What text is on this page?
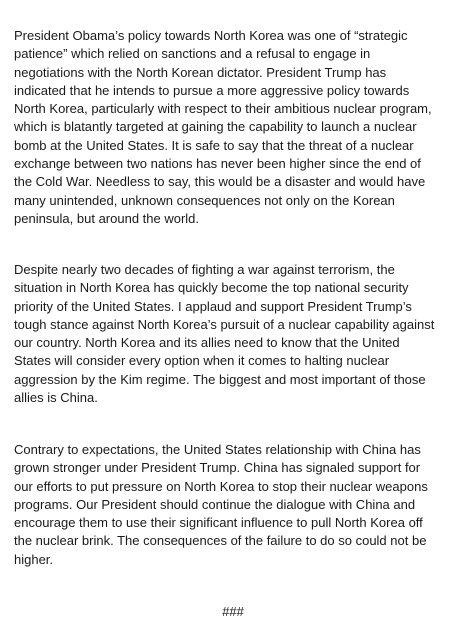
President Obama’s policy towards North Korea was one of “strategic
patience” which relied on sanctions and a refusal to engage in
negotiations with the North Korean dictator. President Trump has
indicated that he intends to pursue a more aggressive policy towards
North Korea, particularly with respect to their ambitious nuclear program,
which is blatantly targeted at gaining the capability to launch a nuclear
bomb at the United States. It is safe to say that the threat of a nuclear
exchange between two nations has never been higher since the end of
the Cold War. Needless to say, this would be a disaster and would have
many unintended, unknown consequences not only on the Korean
peninsula, but around the world.

Despite nearly two decades of fighting a war against terrorism, the
situation in North Korea has quickly become the top national security
priority of the United States. I applaud and support President Trump’s
tough stance against North Korea’s pursuit of a nuclear capability against
our country. North Korea and its allies need to know that the United
States will consider every option when it comes to halting nuclear
aggression by the Kim regime. The biggest and most important of those
allies is China.

Contrary to expectations, the United States relationship with China has
grown stronger under President Trump. China has signaled support for
our efforts to put pressure on North Korea to stop their nuclear weapons
programs. Our President should continue the dialogue with China and
encourage them to use their significant influence to pull North Korea off
the nuclear brink. The consequences of the failure to do so could not be
higher.

###
